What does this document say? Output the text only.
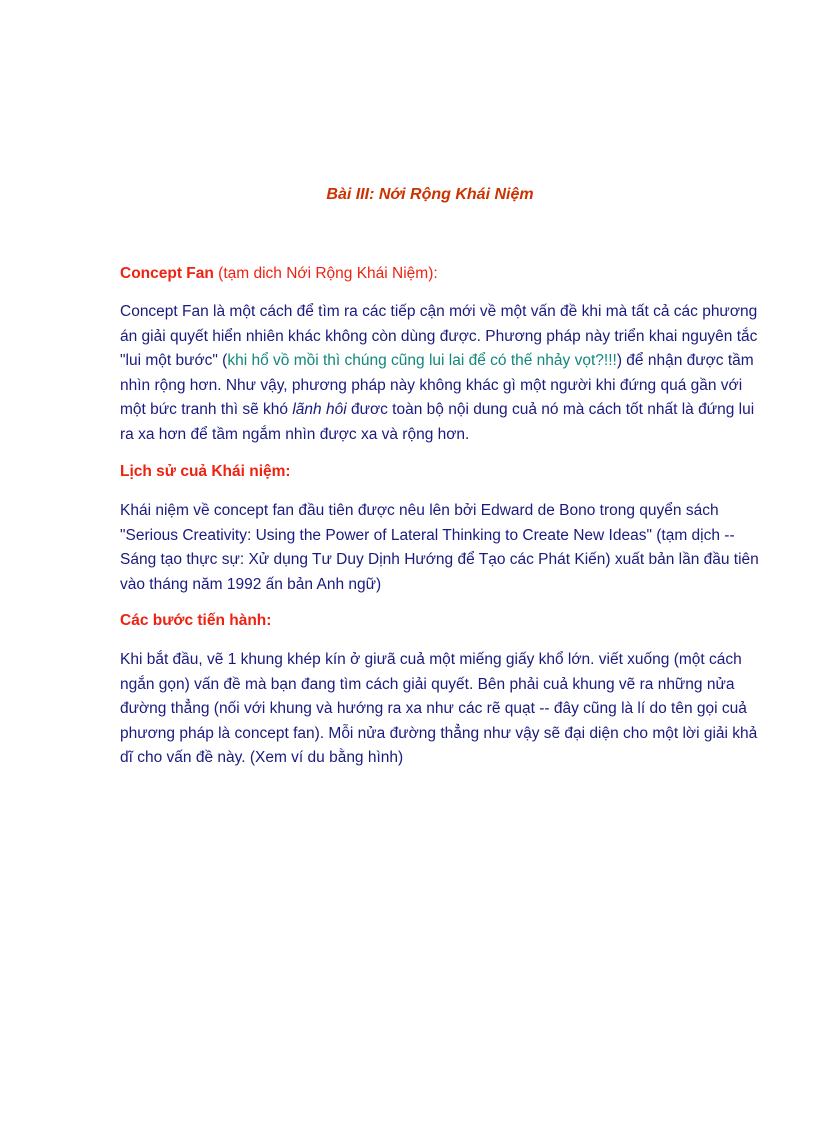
Bài III: Nới Rộng Khái Niệm

Concept Fan (tạm dich Nới Rộng Khái Niệm):

Concept Fan là một cách để tìm ra các tiếp cận mới về một vấn đề khi mà tất cả các phương án giải quyết hiển nhiên khác không còn dùng được. Phương pháp này triển khai nguyên tắc "lui một bước" (khi hổ vồ mồi thì chúng cũng lui lai để có thế nhảy vọt?!!!) để nhận được tầm nhìn rộng hơn. Như vậy, phương pháp này không khác gì một người khi đứng quá gần với một bức tranh thì sẽ khó lãnh hôi đươc toàn bộ nội dung cuả nó mà cách tốt nhất là đứng lui ra xa hơn để tầm ngắm nhìn được xa và rộng hơn.

Lịch sử cuả Khái niệm:

Khái niệm về concept fan đầu tiên được nêu lên bởi Edward de Bono trong quyển sách "Serious Creativity: Using the Power of Lateral Thinking to Create New Ideas" (tạm dịch -- Sáng tạo thực sự: Xử dụng Tư Duy Dịnh Hướng để Tạo các Phát Kiến) xuất bản lần đầu tiên vào tháng năm 1992 ấn bản Anh ngữ)

Các bước tiến hành:

Khi bắt đầu, vẽ 1 khung khép kín ở giưã cuả một miếng giấy khổ lớn. viết xuống (một cách ngắn gọn) vấn đề mà bạn đang tìm cách giải quyết. Bên phải cuả khung vẽ ra những nửa đường thẳng (nối với khung và hướng ra xa như các rẽ quạt -- đây cũng là lí do tên gọi cuả phương pháp là concept fan). Mỗi nửa đường thẳng như vậy sẽ đại diện cho một lời giải khả dĩ cho vấn đề này. (Xem ví du bằng hình)
